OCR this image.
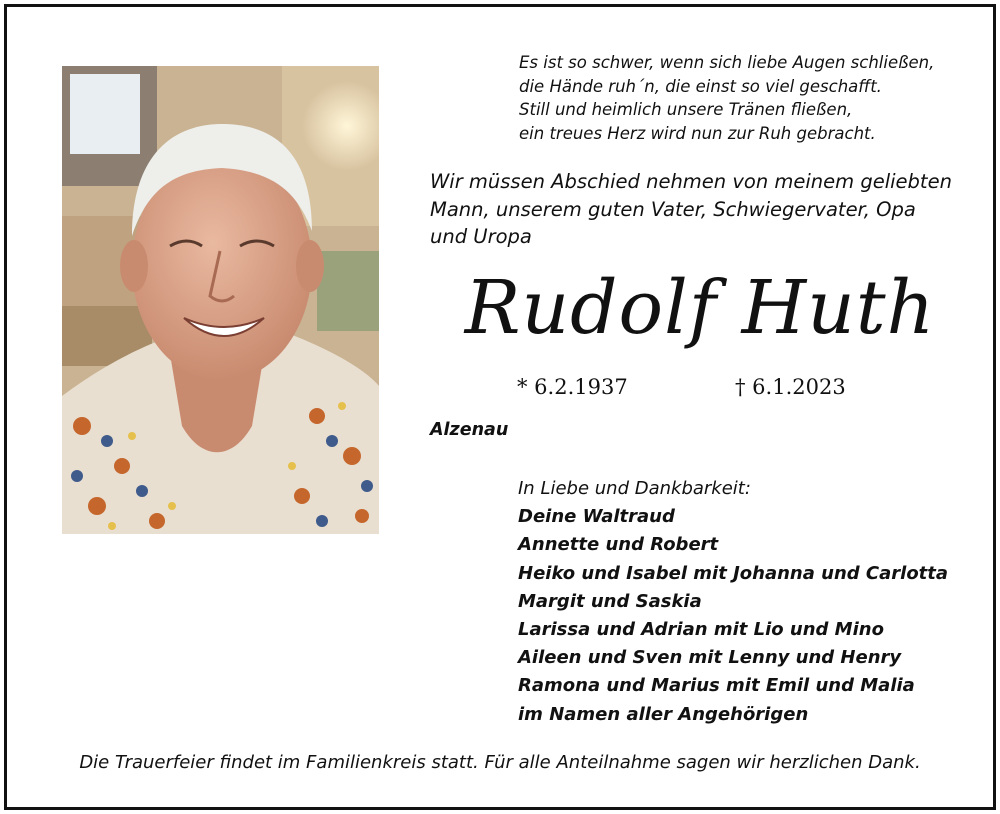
Es ist so schwer, wenn sich liebe Augen schließen,
die Hände ruh´n, die einst so viel geschafft.
Still und heimlich unsere Tränen fließen,
ein treues Herz wird nun zur Ruh gebracht.
Wir müssen Abschied nehmen von meinem geliebten
Mann, unserem guten Vater, Schwiegervater, Opa
und Uropa
Rudolf Huth
* 6.2.1937	† 6.1.2023
Alzenau
In Liebe und Dankbarkeit:
Deine Waltraud
Annette und Robert
Heiko und Isabel mit Johanna und Carlotta
Margit und Saskia
Larissa und Adrian mit Lio und Mino
Aileen und Sven mit Lenny und Henry
Ramona und Marius mit Emil und Malia
im Namen aller Angehörigen
Die Trauerfeier findet im Familienkreis statt. Für alle Anteilnahme sagen wir herzlichen Dank.
